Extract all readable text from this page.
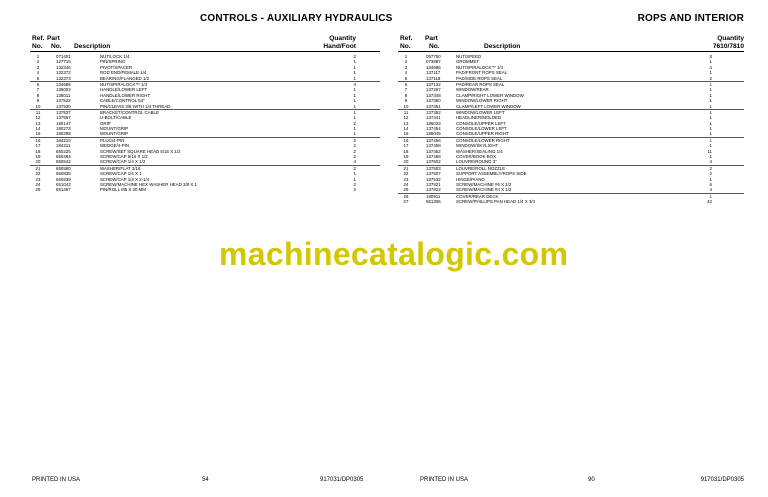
CONTROLS - AUXILIARY HYDRAULICS
Ref.
No.
Part
No. Description
Quantity
Hand/Foot
1	071401	NUT/LOCK 1/4	2
2	127716	PIN/SPRING	1
3	132346	PIVOT/SPACER	1
4	132372	ROD END/FEMALE 1/4	1
5	132373	BEARING/FLANGED 1/2	1
6	134686	NUT/SPIRALOCK™ 1/4	4
7	136003	HANDLE/LOWER LEFT	1
8	136011	HANDLE/LOWER RIGHT	1
9	137522	CABLE/CONTROL 54"	1
10	137530	PIN/CLEVIS 3/8 WITH 1/4 THREAD	1
11	137537	BRACKET/CONTROL CABLE	1
12	137557	U-BOLT/CABLE	1
13	180147	GRIP	2
14	180273	MOUNT/GRIP	1
15	180298	MOUNT/GRIP	1
16	184210	PLUG/4-PIN	2
17	184211	WEDGE/4-PIN	2
18	650225	SCREW/SET SQUARE HEAD 5/16 X 1/2	2
19	650484	SCREW/CAP 5/16 X 1/2	2
20	650542	SCREW/CAP 1/4 X 1/2	4
21	650580	WASHER/FLAT 3/16	2
22	650835	SCREW/CAP 1/4 X 1	1
23	650839	SCREW/CAP 1/4 X 2-1/4	1
24	651042	SCREW/MACHINE HEX WASHER HEAD 3/8 X 1	2
25	651467	PIN/ROLL M5 X 30 MM	2
PRINTED IN USA	54	917031/DP0305
ROPS AND INTERIOR
Ref.
No.
Part
No.	Description
Quantity
7610/7810
1	057750	NUT/SPEED	8
2	073887	GROMMET	1
3	134686	NUT/SPIRALOCK™ 1/4	4
4	137117	PAD/FRONT ROPS SEAL	1
5	137118	PAD/SIDE ROPS SEAL	2
6	137132	PAD/REAR ROPS SEAL	1
7	137267	WINDOW/REAR	1
8	137348	CLAMP/RIGHT LOWER WINDOW	1
9	137350	WINDOW/LOWER RIGHT	1
10	137351	CLAMP/LEFT LOWER WINDOW	1
11	137352	WINDOW/LOWER LEFT	1
12	137441	HEADLINER/MOLDED	1
13	186033	CONSOLE/UPPER LEFT	1
14	137454	CONSOLE/LOWER LEFT	1
15	186045	CONSOLE/UPPER RIGHT	1
16	137456	CONSOLE/LOWER RIGHT	1
17	137458	WINDOW/SKYLIGHT	1
18	137462	WASHER/SEALING 1/4	11
19	137468	COVER/BOOK BOX	1
20	137502	LOUVRE/ROUND 3"	4
21	137503	LOUVRE/ROLL NOZZLE	2
22	137507	SUPPORT ASSEMBLY/ROPS SIDE	2
23	137532	HINGE/PIANO	1
24	137821	SCREW/MACHINE #6 X 1/2	6
25	137822	SCREW/MACHINE #4 X 1/2	4
26	180911	COVER/REAR DECK	1
27	651306	SCREW/PHILLIPS PAN HEAD 1/4 X 3/4	42
PRINTED IN USA	90	917031/DP0305
machinecatalogic.com
